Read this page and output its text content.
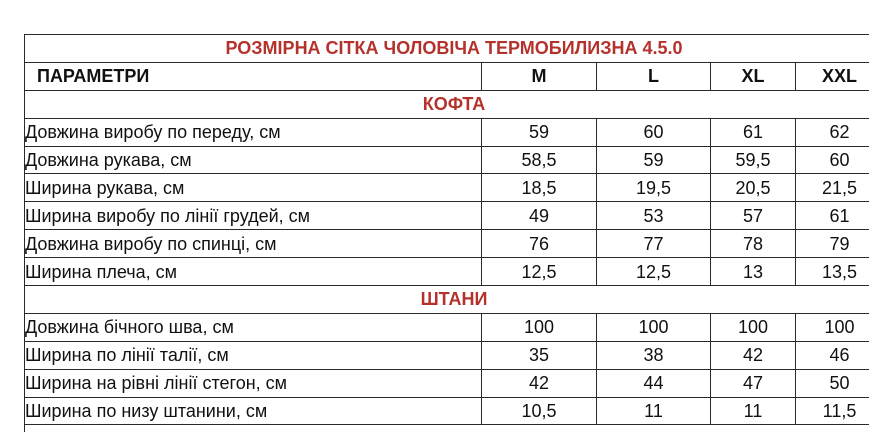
РОЗМІРНА СІТКА ЧОЛОВІЧА ТЕРМОБИЛИЗНА 4.5.0				
ПАРАМЕТРИ	M	L	XL	XXL
КОФТА				
Довжина виробу по переду, см	59	60	61	62
Довжина рукава, см	58,5	59	59,5	60
Ширина рукава, см	18,5	19,5	20,5	21,5
Ширина виробу по лінії грудей, см	49	53	57	61
Довжина виробу по спинці, см	76	77	78	79
Ширина плеча, см	12,5	12,5	13	13,5
ШТАНИ				
Довжина бічного шва, см	100	100	100	100
Ширина по лінії талії, см	35	38	42	46
Ширина на рівні лінії стегон, см	42	44	47	50
Ширина по низу штанини, см	10,5	11	11	11,5
